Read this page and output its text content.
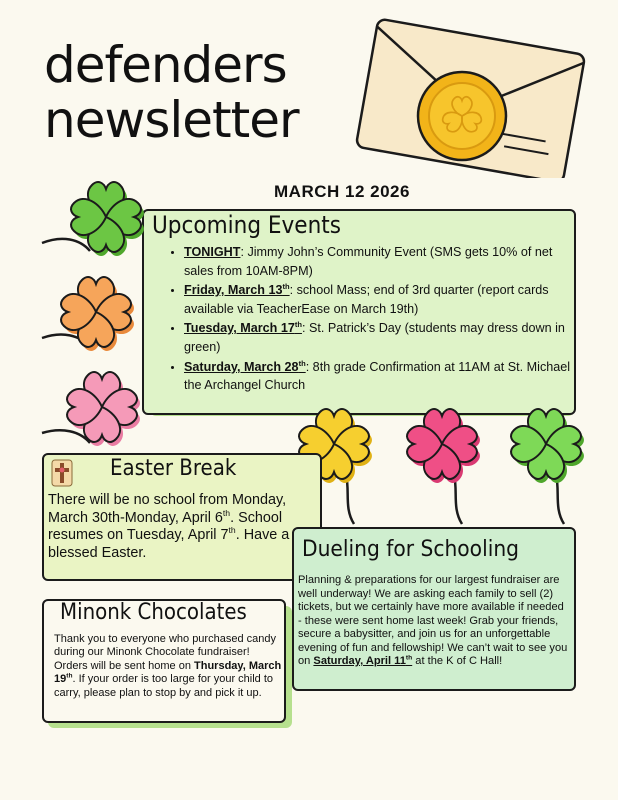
defenders
newsletter
MARCH 12 2026
Upcoming Events
• TONIGHT: Jimmy John’s Community Event (SMS gets 10% of net sales from 10AM-8PM)
• Friday, March 13th: school Mass; end of 3rd quarter (report cards available via TeacherEase on March 19th)
• Tuesday, March 17th: St. Patrick’s Day (students may dress down in green)
• Saturday, March 28th: 8th grade Confirmation at 11AM at St. Michael the Archangel Church
Easter Break
There will be no school from Monday, March 30th-Monday, April 6th. School resumes on Tuesday, April 7th. Have a blessed Easter.	Dueling for Schooling
Planning & preparations for our largest fundraiser are well underway! We are asking each family to sell (2) tickets, but we certainly have more available if needed - these were sent home last week! Grab your friends, secure a babysitter, and join us for an unforgettable evening of fun and fellowship! We can’t wait to see you on Saturday, April 11th at the K of C Hall!
Minonk Chocolates
Thank you to everyone who purchased candy during our Minonk Chocolate fundraiser! Orders will be sent home on Thursday, March 19th. If your order is too large for your child to carry, please plan to stop by and pick it up.
